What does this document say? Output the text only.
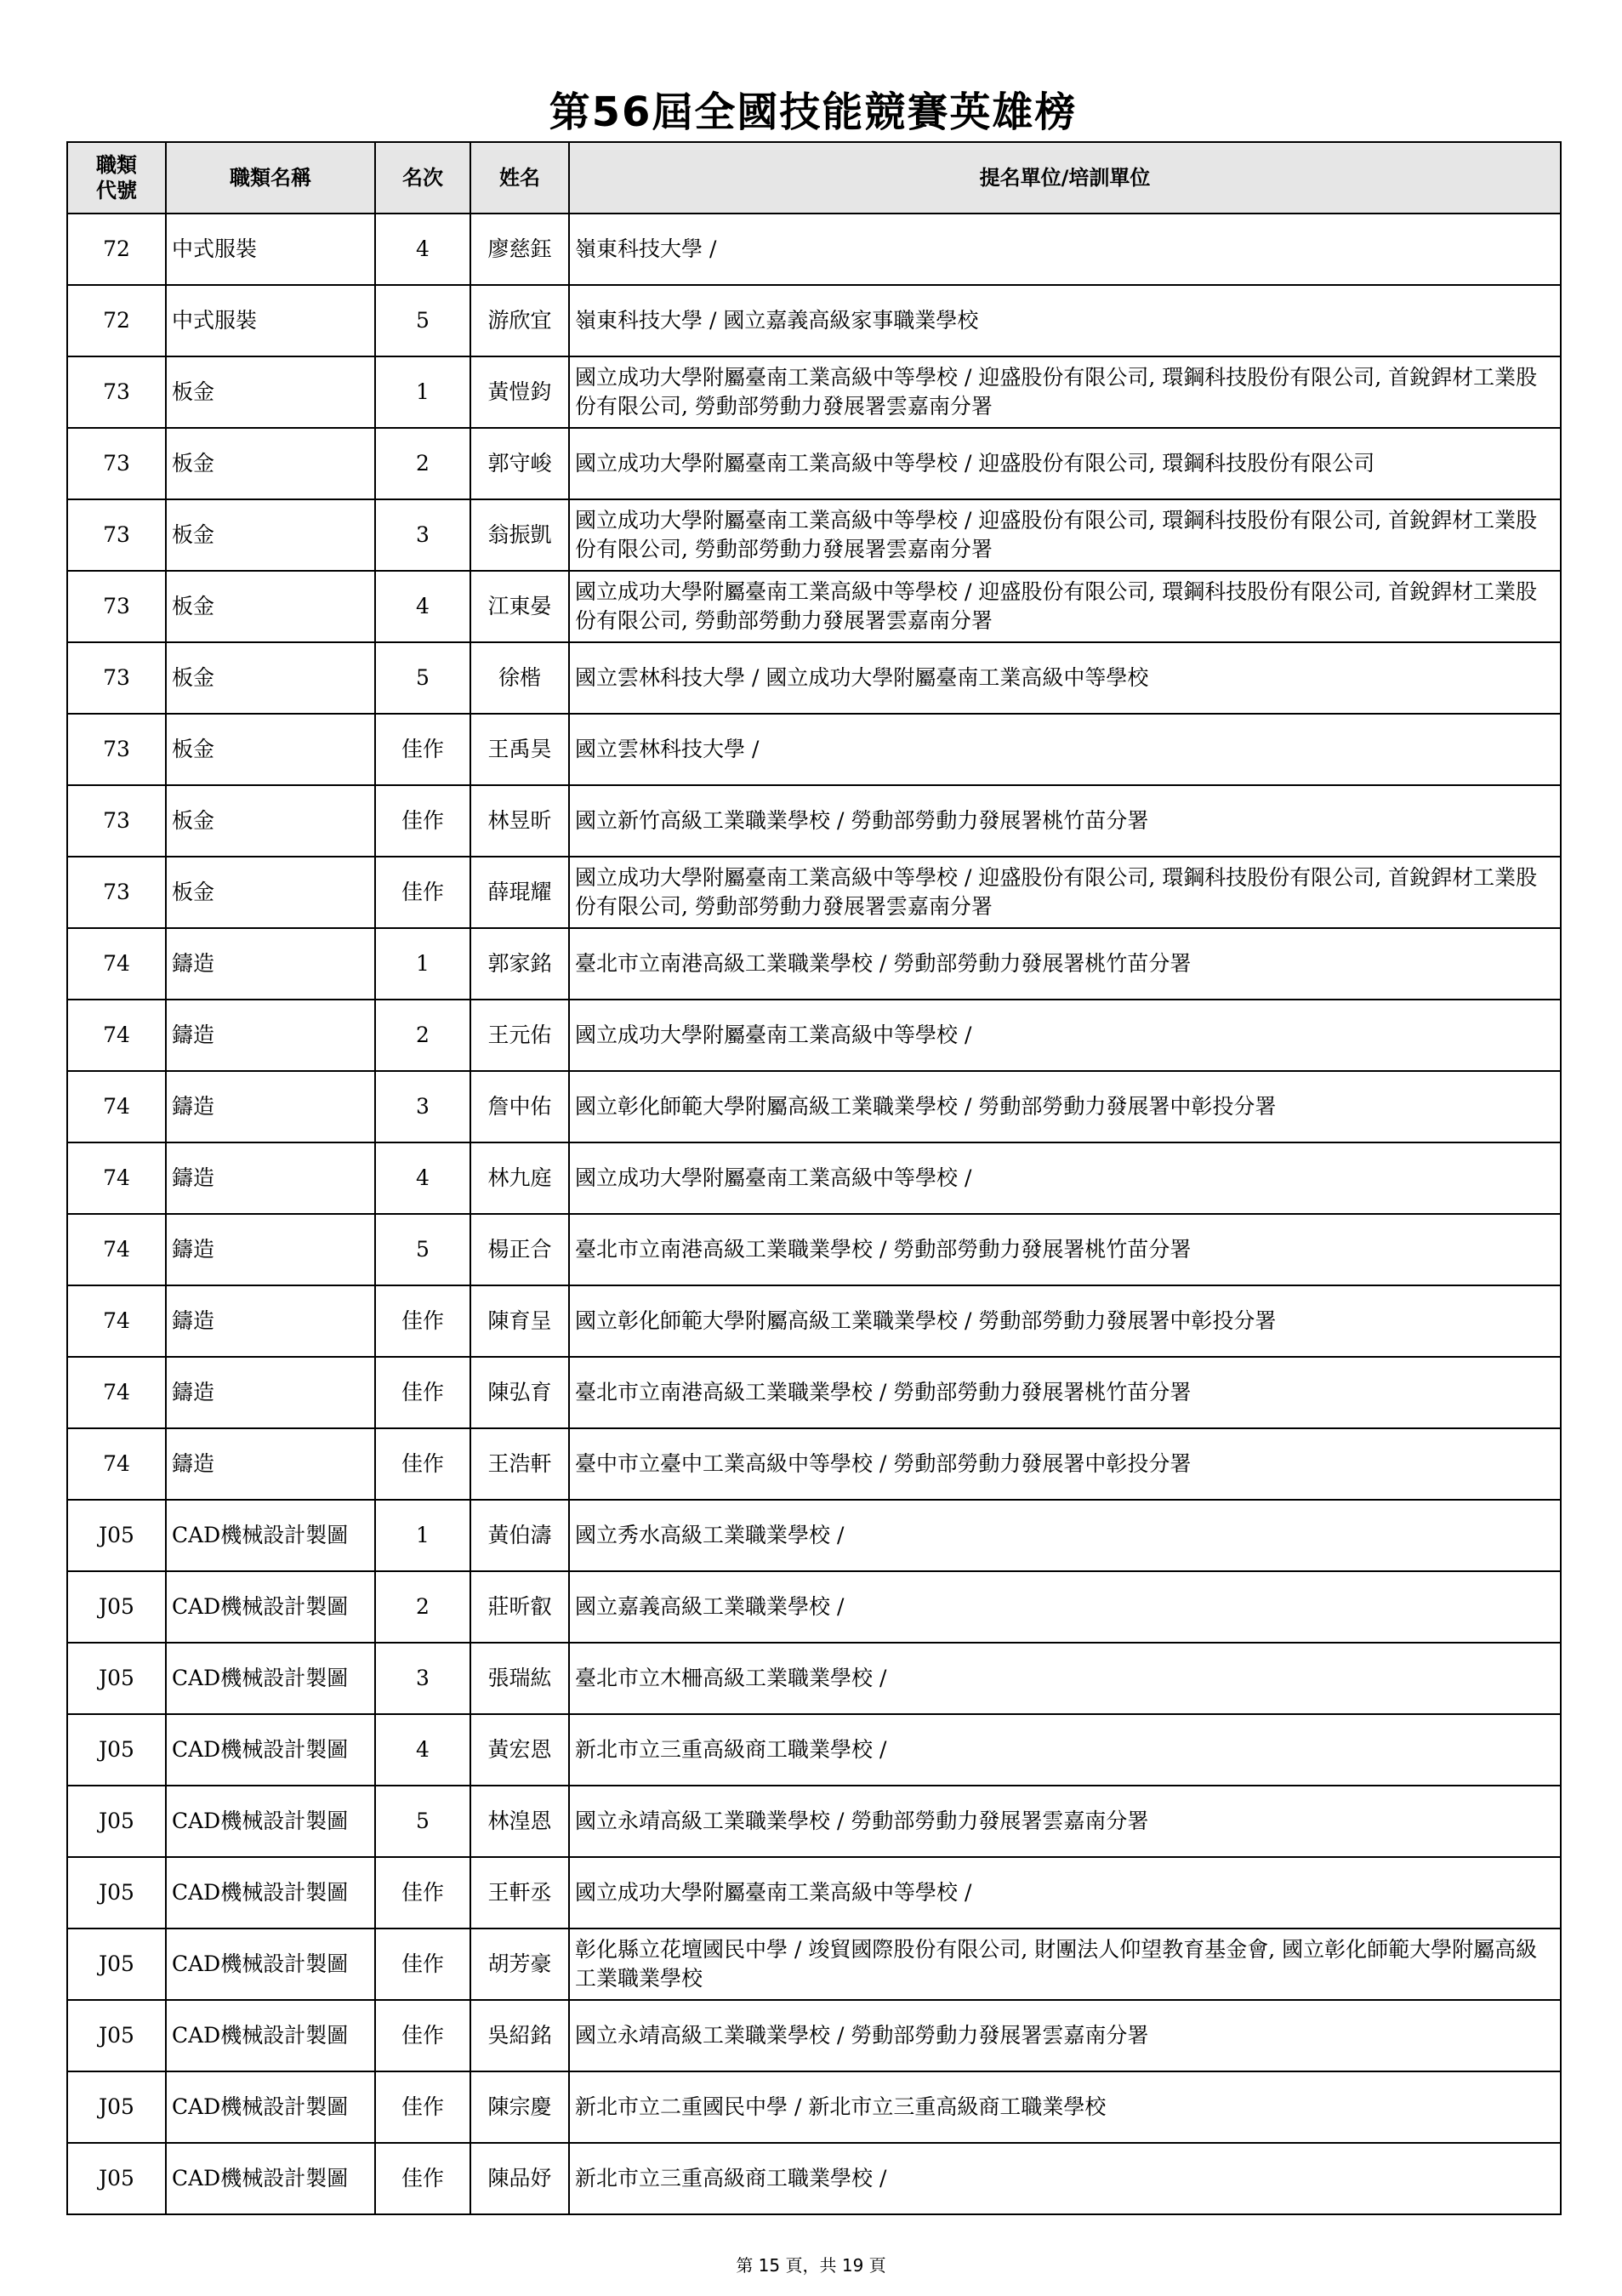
第56屆全國技能競賽英雄榜
職類
代號	職類名稱	名次	姓名	提名單位/培訓單位
72	中式服裝	4	廖慈鈺	嶺東科技大學 /
72	中式服裝	5	游欣宜	嶺東科技大學 / 國立嘉義高級家事職業學校
73	板金	1	黃愷鈞	國立成功大學附屬臺南工業高級中等學校 / 迎盛股份有限公司, 環鋼科技股份有限公司, 首銳銲材工業股份有限公司, 勞動部勞動力發展署雲嘉南分署
73	板金	2	郭守峻	國立成功大學附屬臺南工業高級中等學校 / 迎盛股份有限公司, 環鋼科技股份有限公司
73	板金	3	翁振凱	國立成功大學附屬臺南工業高級中等學校 / 迎盛股份有限公司, 環鋼科技股份有限公司, 首銳銲材工業股份有限公司, 勞動部勞動力發展署雲嘉南分署
73	板金	4	江東晏	國立成功大學附屬臺南工業高級中等學校 / 迎盛股份有限公司, 環鋼科技股份有限公司, 首銳銲材工業股份有限公司, 勞動部勞動力發展署雲嘉南分署
73	板金	5	徐楷	國立雲林科技大學 / 國立成功大學附屬臺南工業高級中等學校
73	板金	佳作	王禹昊	國立雲林科技大學 /
73	板金	佳作	林昱昕	國立新竹高級工業職業學校 / 勞動部勞動力發展署桃竹苗分署
73	板金	佳作	薛琨耀	國立成功大學附屬臺南工業高級中等學校 / 迎盛股份有限公司, 環鋼科技股份有限公司, 首銳銲材工業股份有限公司, 勞動部勞動力發展署雲嘉南分署
74	鑄造	1	郭家銘	臺北市立南港高級工業職業學校 / 勞動部勞動力發展署桃竹苗分署
74	鑄造	2	王元佑	國立成功大學附屬臺南工業高級中等學校 /
74	鑄造	3	詹中佑	國立彰化師範大學附屬高級工業職業學校 / 勞動部勞動力發展署中彰投分署
74	鑄造	4	林九庭	國立成功大學附屬臺南工業高級中等學校 /
74	鑄造	5	楊正合	臺北市立南港高級工業職業學校 / 勞動部勞動力發展署桃竹苗分署
74	鑄造	佳作	陳育呈	國立彰化師範大學附屬高級工業職業學校 / 勞動部勞動力發展署中彰投分署
74	鑄造	佳作	陳弘育	臺北市立南港高級工業職業學校 / 勞動部勞動力發展署桃竹苗分署
74	鑄造	佳作	王浩軒	臺中市立臺中工業高級中等學校 / 勞動部勞動力發展署中彰投分署
J05	CAD機械設計製圖	1	黃伯濤	國立秀水高級工業職業學校 /
J05	CAD機械設計製圖	2	莊昕叡	國立嘉義高級工業職業學校 /
J05	CAD機械設計製圖	3	張瑞紘	臺北市立木柵高級工業職業學校 /
J05	CAD機械設計製圖	4	黃宏恩	新北市立三重高級商工職業學校 /
J05	CAD機械設計製圖	5	林湟恩	國立永靖高級工業職業學校 / 勞動部勞動力發展署雲嘉南分署
J05	CAD機械設計製圖	佳作	王軒丞	國立成功大學附屬臺南工業高級中等學校 /
J05	CAD機械設計製圖	佳作	胡芳豪	彰化縣立花壇國民中學 / 竣貿國際股份有限公司, 財團法人仰望教育基金會, 國立彰化師範大學附屬高級工業職業學校
J05	CAD機械設計製圖	佳作	吳紹銘	國立永靖高級工業職業學校 / 勞動部勞動力發展署雲嘉南分署
J05	CAD機械設計製圖	佳作	陳宗慶	新北市立二重國民中學 / 新北市立三重高級商工職業學校
J05	CAD機械設計製圖	佳作	陳品妤	新北市立三重高級商工職業學校 /
第 15 頁，共 19 頁
